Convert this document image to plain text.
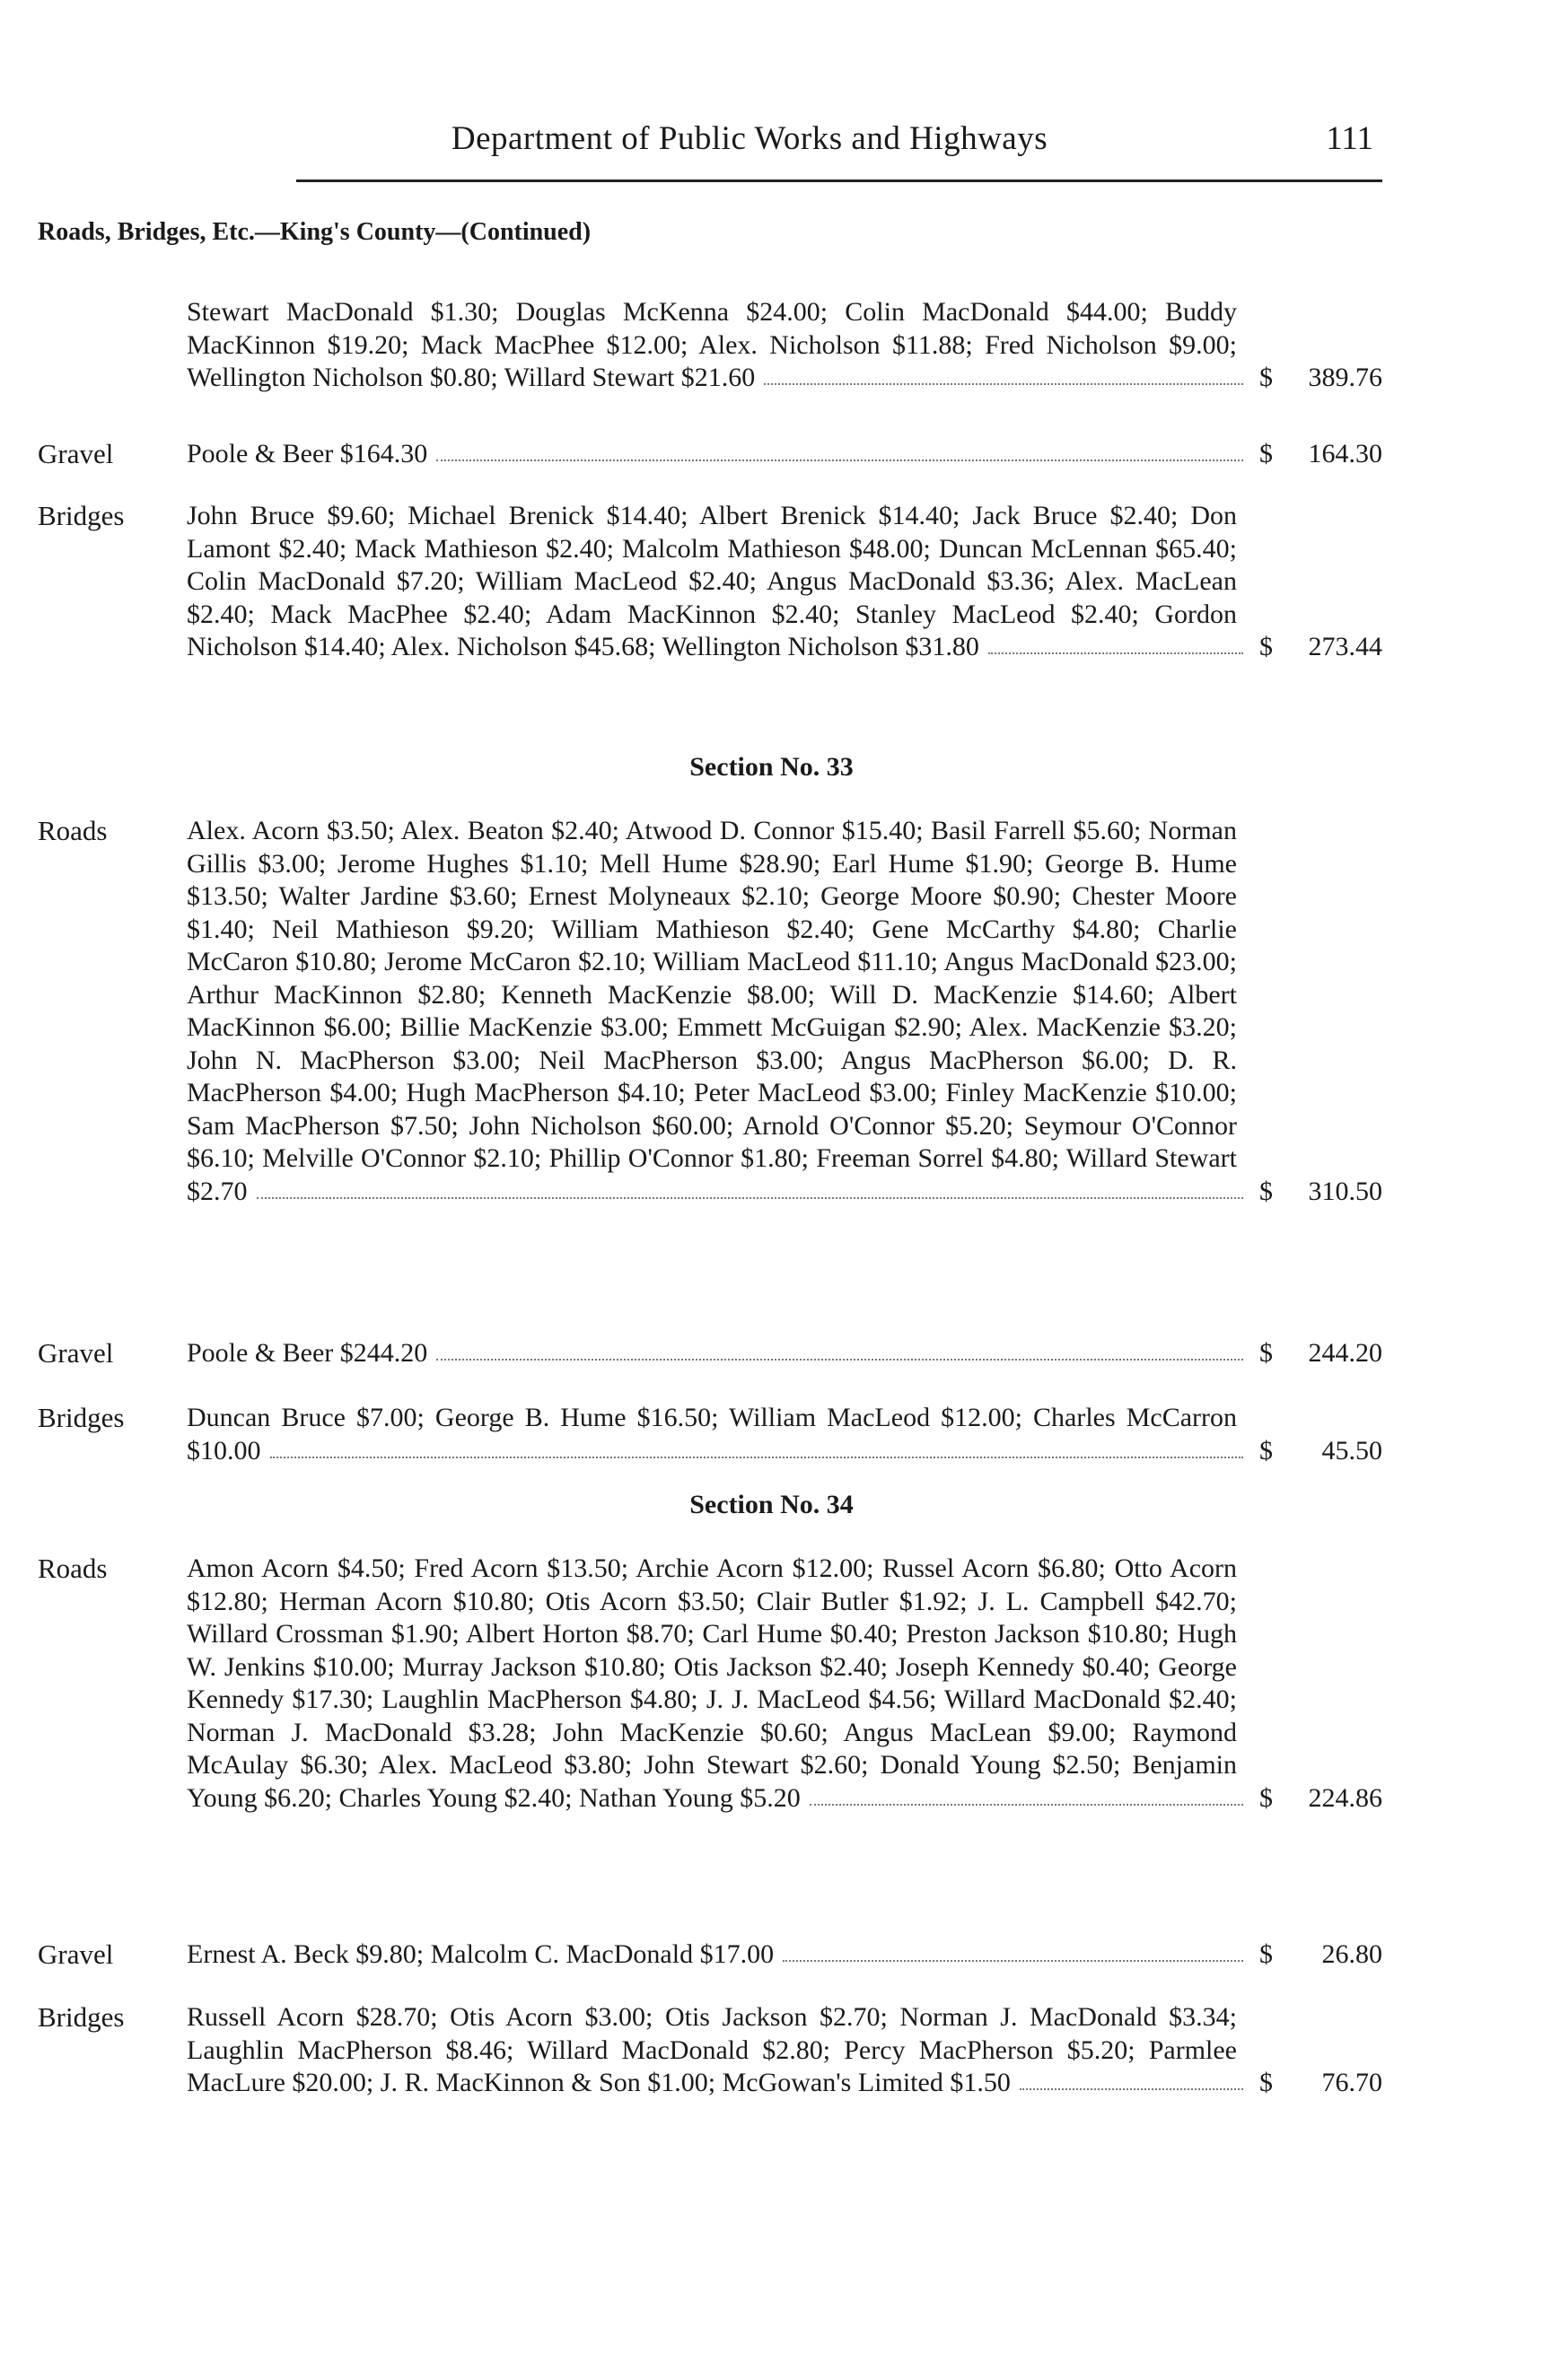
Department of Public Works and Highways	111
Roads, Bridges, Etc.—King's County—(Continued)
Stewart MacDonald $1.30; Douglas McKenna $24.00; Colin MacDonald $44.00; Buddy MacKinnon $19.20; Mack MacPhee $12.00; Alex. Nicholson $11.88; Fred Nicholson $9.00; Wellington Nicholson $0.80; Willard Stewart $21.60	$	389.76
Gravel	Poole & Beer $164.30	$	164.30
Bridges John Bruce $9.60; Michael Brenick $14.40; Albert Brenick $14.40; Jack Bruce $2.40; Don Lamont $2.40; Mack Mathieson $2.40; Malcolm Mathieson $48.00; Duncan McLennan $65.40; Colin MacDonald $7.20; William MacLeod $2.40; Angus MacDonald $3.36; Alex. MacLean $2.40; Mack MacPhee $2.40; Adam MacKinnon $2.40; Stanley MacLeod $2.40; Gordon Nicholson $14.40; Alex. Nicholson $45.68; Wellington Nicholson $31.80	$	273.44
Section No. 33
Roads	Alex. Acorn $3.50; Alex. Beaton $2.40; Atwood D. Connor $15.40; Basil Farrell $5.60; Norman Gillis $3.00; Jerome Hughes $1.10; Mell Hume $28.90; Earl Hume $1.90; George B. Hume $13.50; Walter Jardine $3.60; Ernest Molyneaux $2.10; George Moore $0.90; Chester Moore $1.40; Neil Mathieson $9.20; William Mathieson $2.40; Gene McCarthy $4.80; Charlie McCaron $10.80; Jerome McCaron $2.10; William MacLeod $11.10; Angus MacDonald $23.00; Arthur MacKinnon $2.80; Kenneth MacKenzie $8.00; Will D. MacKenzie $14.60; Albert MacKinnon $6.00; Billie MacKenzie $3.00; Emmett McGuigan $2.90; Alex. MacKenzie $3.20; John N. MacPherson $3.00; Neil MacPherson $3.00; Angus MacPherson $6.00; D. R. MacPherson $4.00; Hugh MacPherson $4.10; Peter MacLeod $3.00; Finley MacKenzie $10.00; Sam MacPherson $7.50; John Nicholson $60.00; Arnold O'Connor $5.20; Seymour O'Connor $6.10; Melville O'Connor $2.10; Phillip O'Connor $1.80; Freeman Sorrel $4.80; Willard Stewart $2.70	$	310.50
Gravel	Poole & Beer $244.20	$	244.20
Bridges Duncan Bruce $7.00; George B. Hume $16.50; William MacLeod $12.00; Charles McCarron $10.00	$	45.50
Section No. 34
Roads	Amon Acorn $4.50; Fred Acorn $13.50; Archie Acorn $12.00; Russel Acorn $6.80; Otto Acorn $12.80; Herman Acorn $10.80; Otis Acorn $3.50; Clair Butler $1.92; J. L. Campbell $42.70; Willard Crossman $1.90; Albert Horton $8.70; Carl Hume $0.40; Preston Jackson $10.80; Hugh W. Jenkins $10.00; Murray Jackson $10.80; Otis Jackson $2.40; Joseph Kennedy $0.40; George Kennedy $17.30; Laughlin MacPherson $4.80; J. J. MacLeod $4.56; Willard MacDonald $2.40; Norman J. MacDonald $3.28; John MacKenzie $0.60; Angus MacLean $9.00; Raymond McAulay $6.30; Alex. MacLeod $3.80; John Stewart $2.60; Donald Young $2.50; Benjamin Young $6.20; Charles Young $2.40; Nathan Young $5.20	$	224.86
Gravel	Ernest A. Beck $9.80; Malcolm C. MacDonald $17.00	$	26.80
Bridges Russell Acorn $28.70; Otis Acorn $3.00; Otis Jackson $2.70; Norman J. MacDonald $3.34; Laughlin MacPherson $8.46; Willard MacDonald $2.80; Percy MacPherson $5.20; Parmlee MacLure $20.00; J. R. MacKinnon & Son $1.00; McGowan's Limited $1.50	$	76.70
